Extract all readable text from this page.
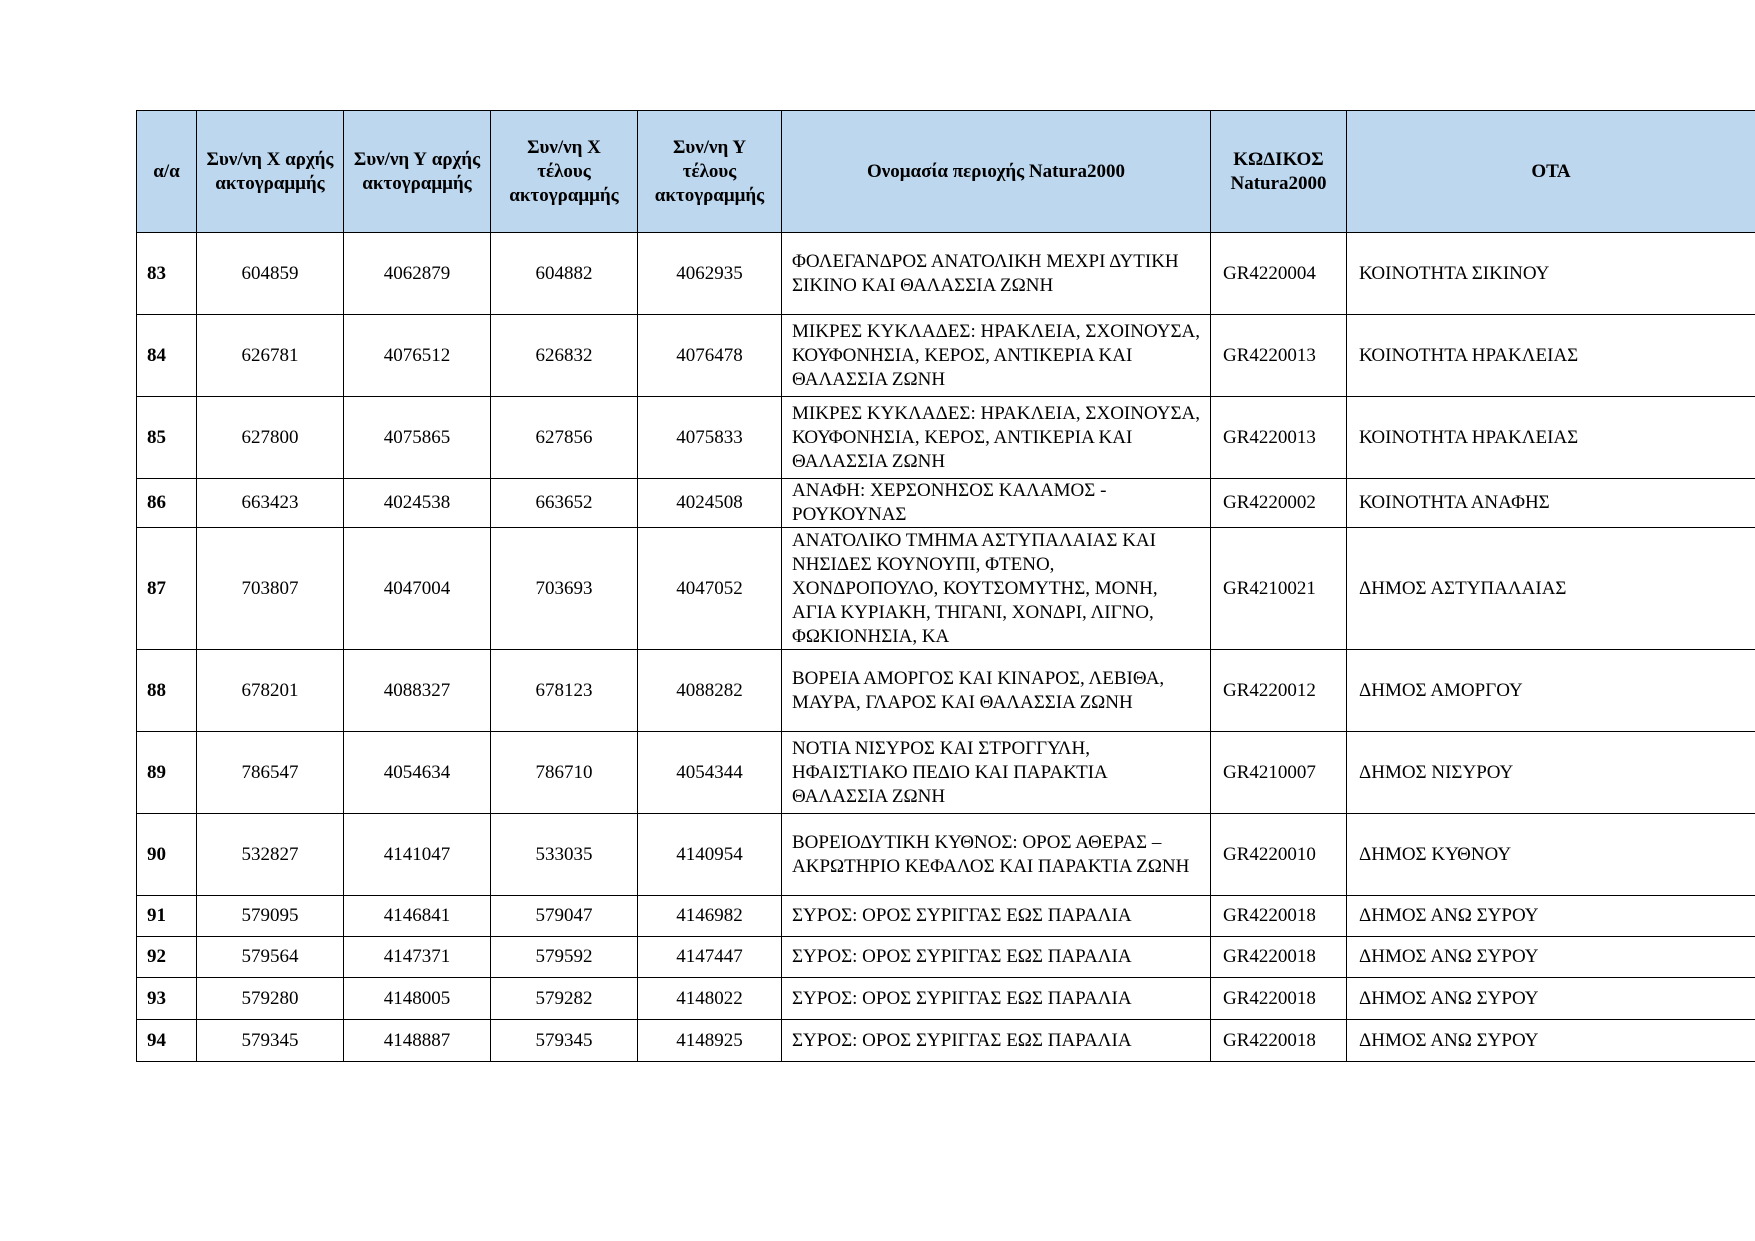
α/α	Συν/νη Χ αρχής ακτογραμμής	Συν/νη Υ αρχής ακτογραμμής	Συν/νη Χ τέλους ακτογραμμής	Συν/νη Υ τέλους ακτογραμμής	Ονομασία περιοχής Natura2000	ΚΩΔΙΚΟΣ Natura2000	ΟΤΑ
83	604859	4062879	604882	4062935	ΦΟΛΕΓΑΝΔΡΟΣ ΑΝΑΤΟΛΙΚΗ ΜΕΧΡΙ ΔΥΤΙΚΗ ΣΙΚΙΝΟ ΚΑΙ ΘΑΛΑΣΣΙΑ ΖΩΝΗ	GR4220004	ΚΟΙΝΟΤΗΤΑ ΣΙΚΙΝΟΥ
84	626781	4076512	626832	4076478	ΜΙΚΡΕΣ ΚΥΚΛΑΔΕΣ: ΗΡΑΚΛΕΙΑ, ΣΧΟΙΝΟΥΣΑ, ΚΟΥΦΟΝΗΣΙΑ, ΚΕΡΟΣ, ΑΝΤΙΚΕΡΙΑ ΚΑΙ ΘΑΛΑΣΣΙΑ ΖΩΝΗ	GR4220013	ΚΟΙΝΟΤΗΤΑ ΗΡΑΚΛΕΙΑΣ
85	627800	4075865	627856	4075833	ΜΙΚΡΕΣ ΚΥΚΛΑΔΕΣ: ΗΡΑΚΛΕΙΑ, ΣΧΟΙΝΟΥΣΑ, ΚΟΥΦΟΝΗΣΙΑ, ΚΕΡΟΣ, ΑΝΤΙΚΕΡΙΑ ΚΑΙ ΘΑΛΑΣΣΙΑ ΖΩΝΗ	GR4220013	ΚΟΙΝΟΤΗΤΑ ΗΡΑΚΛΕΙΑΣ
86	663423	4024538	663652	4024508	ΑΝΑΦΗ: ΧΕΡΣΟΝΗΣΟΣ ΚΑΛΑΜΟΣ - ΡΟΥΚΟΥΝΑΣ	GR4220002	ΚΟΙΝΟΤΗΤΑ ΑΝΑΦΗΣ
87	703807	4047004	703693	4047052	ΑΝΑΤΟΛΙΚΟ ΤΜΗΜΑ ΑΣΤΥΠΑΛΑΙΑΣ ΚΑΙ ΝΗΣΙΔΕΣ ΚΟΥΝΟΥΠΙ, ΦΤΕΝΟ, ΧΟΝΔΡΟΠΟΥΛΟ, ΚΟΥΤΣΟΜΥΤΗΣ, ΜΟΝΗ, ΑΓΙΑ ΚΥΡΙΑΚΗ, ΤΗΓΑΝΙ, ΧΟΝΔΡΙ, ΛΙΓΝΟ, ΦΩΚΙΟΝΗΣΙΑ, ΚΑ	GR4210021	ΔΗΜΟΣ ΑΣΤΥΠΑΛΑΙΑΣ
88	678201	4088327	678123	4088282	ΒΟΡΕΙΑ ΑΜΟΡΓΟΣ ΚΑΙ ΚΙΝΑΡΟΣ, ΛΕΒΙΘΑ, ΜΑΥΡΑ, ΓΛΑΡΟΣ ΚΑΙ ΘΑΛΑΣΣΙΑ ΖΩΝΗ	GR4220012	ΔΗΜΟΣ ΑΜΟΡΓΟΥ
89	786547	4054634	786710	4054344	ΝΟΤΙΑ ΝΙΣΥΡΟΣ ΚΑΙ ΣΤΡΟΓΓΥΛΗ, ΗΦΑΙΣΤΙΑΚΟ ΠΕΔΙΟ ΚΑΙ ΠΑΡΑΚΤΙΑ ΘΑΛΑΣΣΙΑ ΖΩΝΗ	GR4210007	ΔΗΜΟΣ ΝΙΣΥΡΟΥ
90	532827	4141047	533035	4140954	ΒΟΡΕΙΟΔΥΤΙΚΗ ΚΥΘΝΟΣ: ΟΡΟΣ ΑΘΕΡΑΣ – ΑΚΡΩΤΗΡΙΟ ΚΕΦΑΛΟΣ ΚΑΙ ΠΑΡΑΚΤΙΑ ΖΩΝΗ	GR4220010	ΔΗΜΟΣ ΚΥΘΝΟΥ
91	579095	4146841	579047	4146982	ΣΥΡΟΣ: ΟΡΟΣ ΣΥΡΙΓΓΑΣ ΕΩΣ ΠΑΡΑΛΙΑ	GR4220018	ΔΗΜΟΣ ΑΝΩ ΣΥΡΟΥ
92	579564	4147371	579592	4147447	ΣΥΡΟΣ: ΟΡΟΣ ΣΥΡΙΓΓΑΣ ΕΩΣ ΠΑΡΑΛΙΑ	GR4220018	ΔΗΜΟΣ ΑΝΩ ΣΥΡΟΥ
93	579280	4148005	579282	4148022	ΣΥΡΟΣ: ΟΡΟΣ ΣΥΡΙΓΓΑΣ ΕΩΣ ΠΑΡΑΛΙΑ	GR4220018	ΔΗΜΟΣ ΑΝΩ ΣΥΡΟΥ
94	579345	4148887	579345	4148925	ΣΥΡΟΣ: ΟΡΟΣ ΣΥΡΙΓΓΑΣ ΕΩΣ ΠΑΡΑΛΙΑ	GR4220018	ΔΗΜΟΣ ΑΝΩ ΣΥΡΟΥ
